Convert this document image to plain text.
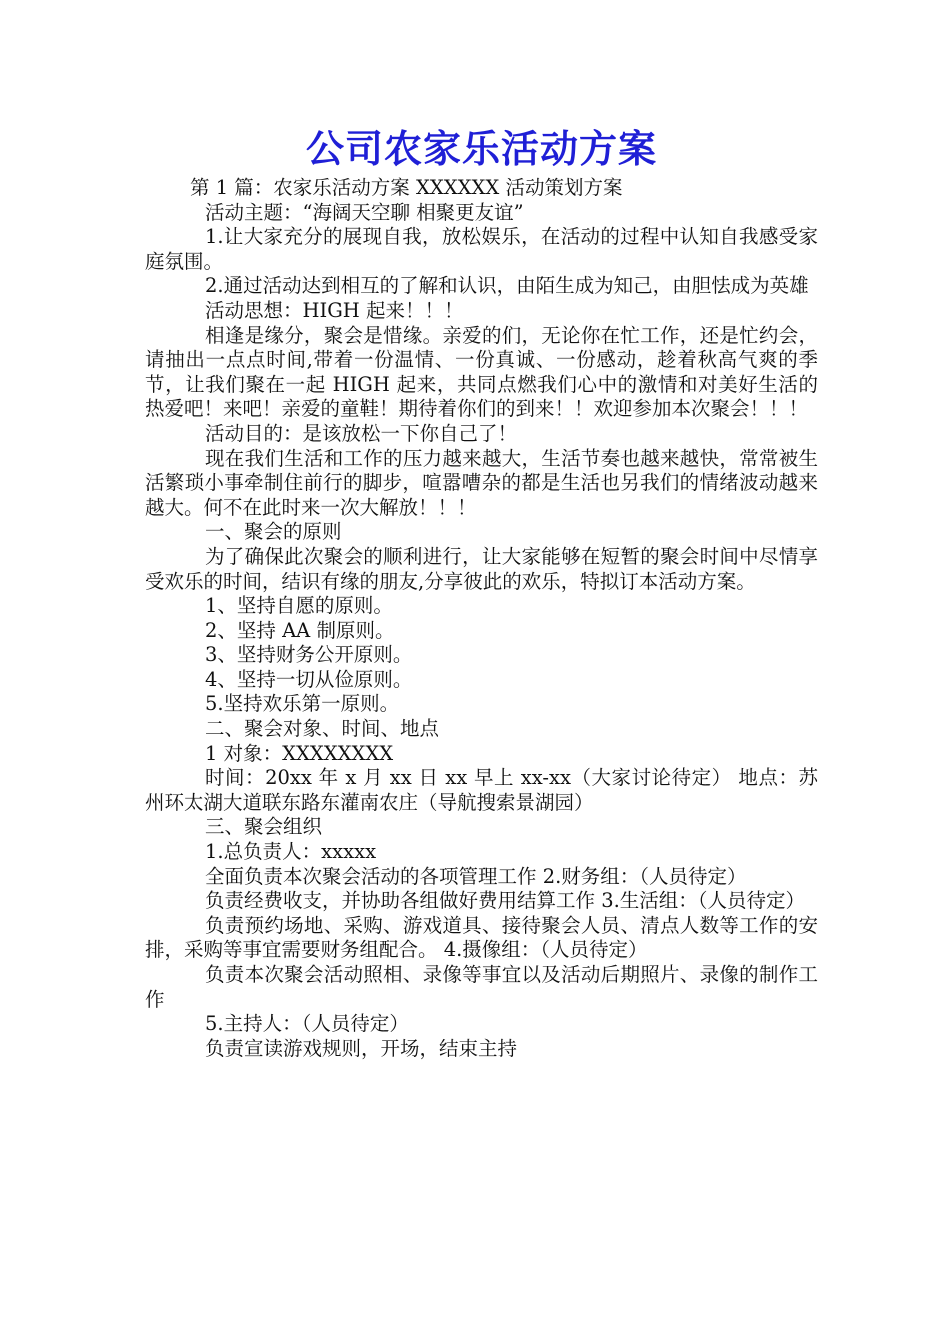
公司农家乐活动方案

第 1 篇：农家乐活动方案 XXXXXX 活动策划方案

活动主题：“海阔天空聊 相聚更友谊”

1.让大家充分的展现自我，放松娱乐，在活动的过程中认知自我感受家庭氛围。

2.通过活动达到相互的了解和认识，由陌生成为知己，由胆怯成为英雄

活动思想：HIGH 起来！！！

相逢是缘分，聚会是惜缘。亲爱的们，无论你在忙工作，还是忙约会，请抽出一点点时间,带着一份温情、一份真诚、一份感动，趁着秋高气爽的季节，让我们聚在一起 HIGH 起来，共同点燃我们心中的激情和对美好生活的热爱吧！来吧！亲爱的童鞋！期待着你们的到来！！欢迎参加本次聚会！！！

活动目的：是该放松一下你自己了！

现在我们生活和工作的压力越来越大，生活节奏也越来越快，常常被生活繁琐小事牵制住前行的脚步，喧嚣嘈杂的都是生活也另我们的情绪波动越来越大。何不在此时来一次大解放！！！

一、聚会的原则

为了确保此次聚会的顺利进行，让大家能够在短暂的聚会时间中尽情享受欢乐的时间，结识有缘的朋友,分享彼此的欢乐，特拟订本活动方案。

1、坚持自愿的原则。

2、坚持 AA 制原则。

3、坚持财务公开原则。

4、坚持一切从俭原则。

5.坚持欢乐第一原则。

二、聚会对象、时间、地点

1 对象：XXXXXXXX

时间：20xx 年 x 月 xx 日 xx 早上 xx-xx（大家讨论待定） 地点：苏州环太湖大道联东路东灌南农庄（导航搜索景湖园）

三、聚会组织

1.总负责人：xxxxx

全面负责本次聚会活动的各项管理工作 2.财务组：（人员待定）

负责经费收支，并协助各组做好费用结算工作 3.生活组：（人员待定）

负责预约场地、采购、游戏道具、接待聚会人员、清点人数等工作的安排，采购等事宜需要财务组配合。 4.摄像组：（人员待定）

负责本次聚会活动照相、录像等事宜以及活动后期照片、录像的制作工作

5.主持人：（人员待定）

负责宣读游戏规则，开场，结束主持
